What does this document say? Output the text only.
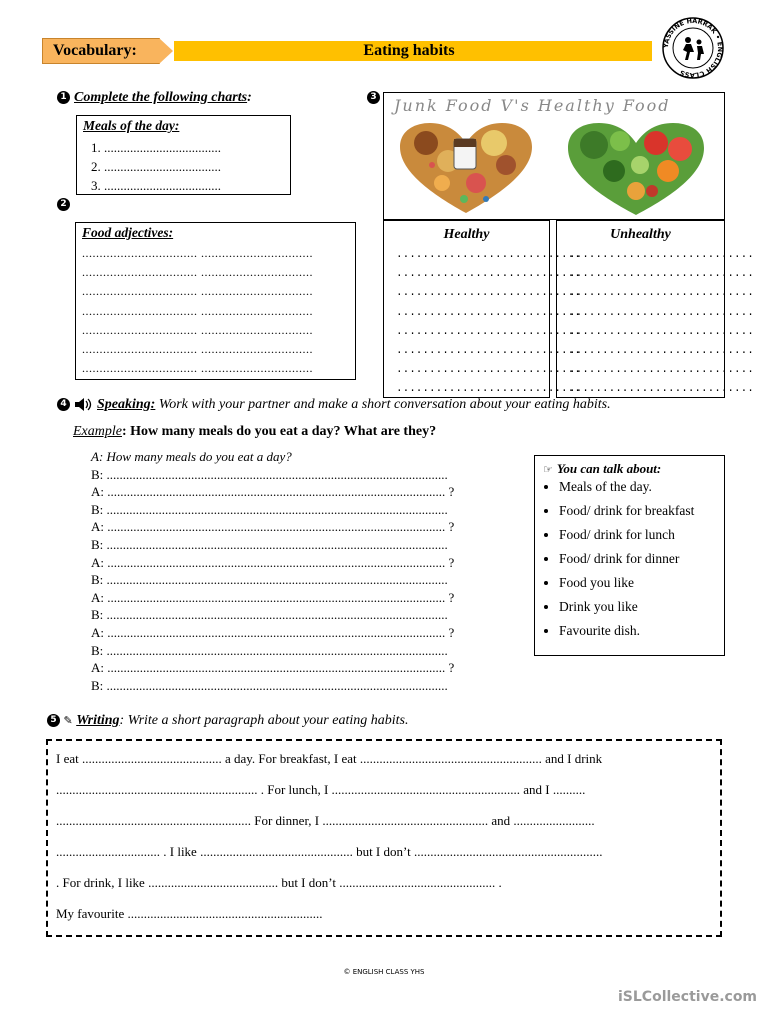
Vocabulary:	Eating habits	YASSINE HARRAK • ENGLISH CLASS
1 Complete the following charts:
Meals of the day:
1. ....................................
2. ....................................
3. ....................................
2
Food adjectives:
................................. ................................
................................. ................................
................................. ................................
................................. ................................
................................. ................................
................................. ................................
................................. ................................
3 Junk Food V's Healthy Food
Healthy
............................
............................
............................
............................
............................
............................
............................
............................
Unhealthy
............................
............................
............................
............................
............................
............................
............................
............................
4 Speaking: Work with your partner and make a short conversation about your eating habits.
Example: How many meals do you eat a day? What are they?
A: How many meals do you eat a day?
B: .........................................................................................................
A: ........................................................................................................ ?
B: .........................................................................................................
A: ........................................................................................................ ?
B: .........................................................................................................
A: ........................................................................................................ ?
B: .........................................................................................................
A: ........................................................................................................ ?
B: .........................................................................................................
A: ........................................................................................................ ?
B: .........................................................................................................
A: ........................................................................................................ ?
B: .........................................................................................................
☞ You can talk about:
• Meals of the day.
• Food/ drink for breakfast
• Food/ drink for lunch
• Food/ drink for dinner
• Food you like
• Drink you like
• Favourite dish.
5 ✎ Writing: Write a short paragraph about your eating habits.
I eat ........................................... a day. For breakfast, I eat ........................................................ and I drink
.............................................................. . For lunch, I .......................................................... and I ..........
............................................................ For dinner, I ................................................... and .........................
................................ . I like ............................................... but I don’t ..........................................................
. For drink, I like ........................................ but I don’t ................................................ .
My favourite ............................................................
© ENGLISH CLASS YHS
iSLCollective.com
